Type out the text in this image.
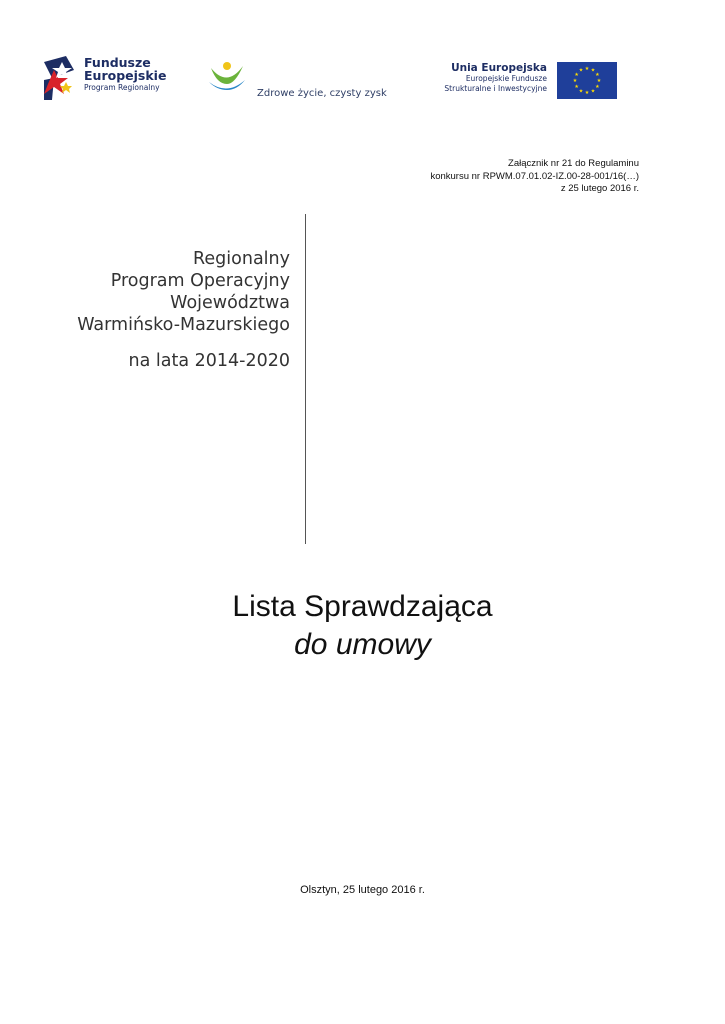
Fundusze
Europejskie
Program Regionalny
Zdrowe życie, czysty zysk
Unia Europejska
Europejskie Fundusze
Strukturalne i Inwestycyjne
★ ★
★
★
★
★
★
★
★
★
★
★
Załącznik nr 21 do Regulaminu
konkursu nr RPWM.07.01.02-IZ.00-28-001/16(…)
z 25 lutego 2016 r.
Regionalny
Program Operacyjny
Województwa
Warmińsko-Mazurskiego
na lata 2014-2020
Lista Sprawdzająca
do umowy
Olsztyn, 25 lutego 2016 r.
